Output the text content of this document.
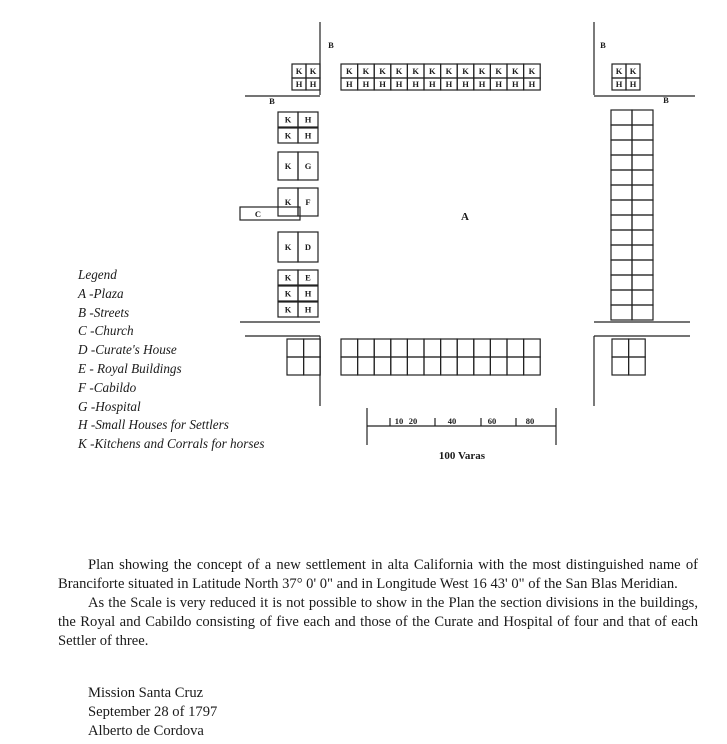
K K K K K K K K K K K K
H H H H H H H H H H H H
K K
H H
K K
H H
K H
K H
K G
K F
K D
K E
K H
K H
C
B	B
B	B
A
10 20	40	60	80
100 Varas
Legend
A -Plaza
B -Streets
C -Church
D -Curate's House
E - Royal Buildings
F -Cabildo
G -Hospital
H -Small Houses for Settlers
K -Kitchens and Corrals for horses

Plan showing the concept of a new settlement in alta California with the most distinguished name of Branciforte situated in Latitude North 37° 0' 0" and in Longitude West 16 43' 0" of the San Blas Meridian.

As the Scale is very reduced it is not possible to show in the Plan the section divisions in the buildings, the Royal and Cabildo consisting of five each and those of the Curate and Hospital of four and that of each Settler of three.

Mission Santa Cruz
September 28 of 1797
Alberto de Cordova
